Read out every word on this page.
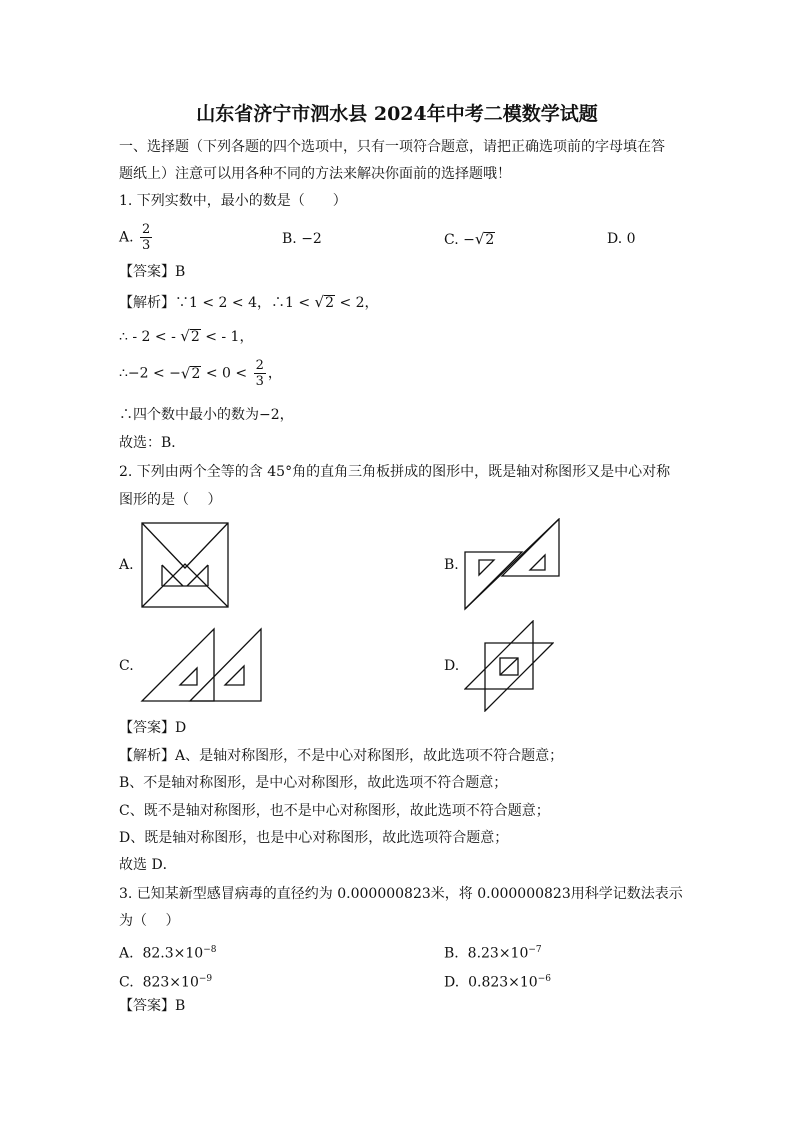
山东省济宁市泗水县 2024年中考二模数学试题
一、选择题（下列各题的四个选项中，只有一项符合题意，请把正确选项前的字母填在答
题纸上）注意可以用各种不同的方法来解决你面前的选择题哦！
1. 下列实数中，最小的数是（　　）
A. $\frac{2}{3}$	B. −2	C. −√2	D. 0
【答案】B
【解析】∵1 < 2 < 4，∴1 < √2 < 2，
∴ - 2 < - √2 < - 1，
∴−2 < $-√2 < 0 < \frac{2}{3}$ ，
∴四个数中最小的数为−2，
故选：B．
2. 下列由两个全等的含 45°角的直角三角板拼成的图形中，既是轴对称图形又是中心对称
图形的是（　 ）
A.	B.
C.	D.
【答案】D
【解析】A、是轴对称图形，不是中心对称图形，故此选项不符合题意；
B、不是轴对称图形，是中心对称图形，故此选项不符合题意；
C、既不是轴对称图形，也不是中心对称图形，故此选项不符合题意；
D、既是轴对称图形，也是中心对称图形，故此选项符合题意；
故选 D．
3. 已知某新型感冒病毒的直径约为 0.000000823米，将 0.000000823用科学记数法表示
为（　 ）
A. $82.3\times 10^{-8}$	B. $8.23\times 10^{-7}$
C. $823\times 10^{-9}$	D. $0.823\times 10^{-6}$
【答案】B
